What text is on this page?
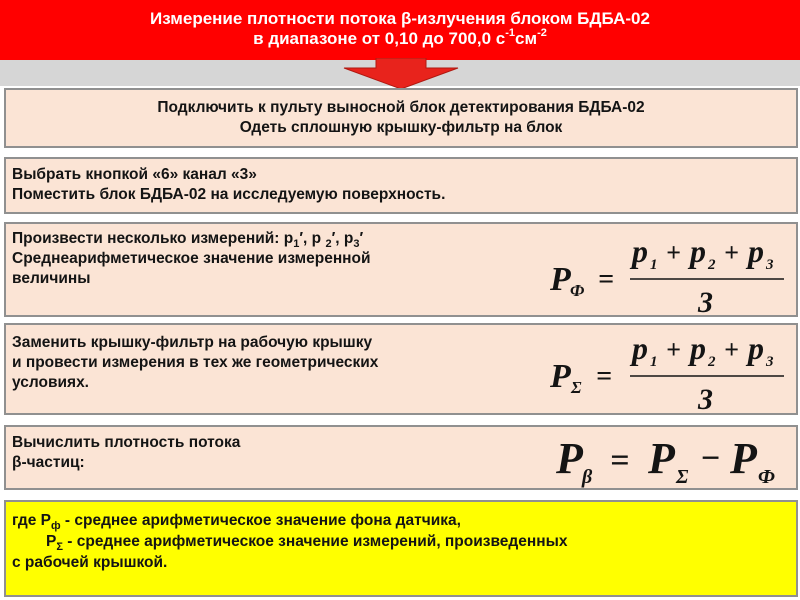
Измерение плотности потока β-излучения блоком БДБА-02
в диапазоне от 0,10 до 700,0 $с^{-1}см^{-2}$
Подключить к пульту выносной блок детектирования БДБА-02
Одеть сплошную крышку-фильтр на блок
Выбрать кнопкой «6» канал «3»
Поместить блок БДБА-02 на исследуемую поверхность.
Произвести несколько измерений: $р_1'$, р $_2$′, $р_3'$
Среднеарифметическое значение измеренной
величины	P Ф =
p 1 + p 2 + p 3
3
Заменить крышку-фильтр на рабочую крышку
и провести измерения в тех же геометрических
условиях.	P Σ =
p 1 + p 2 + p 3
3
Вычислить плотность потока
β-частиц:	P β = P Σ − P Ф
где $Р_ф$ - среднее арифметическое значение фона датчика,
$Р_\Sigma$ - среднее арифметическое значение измерений, произведенных
с рабочей крышкой.
